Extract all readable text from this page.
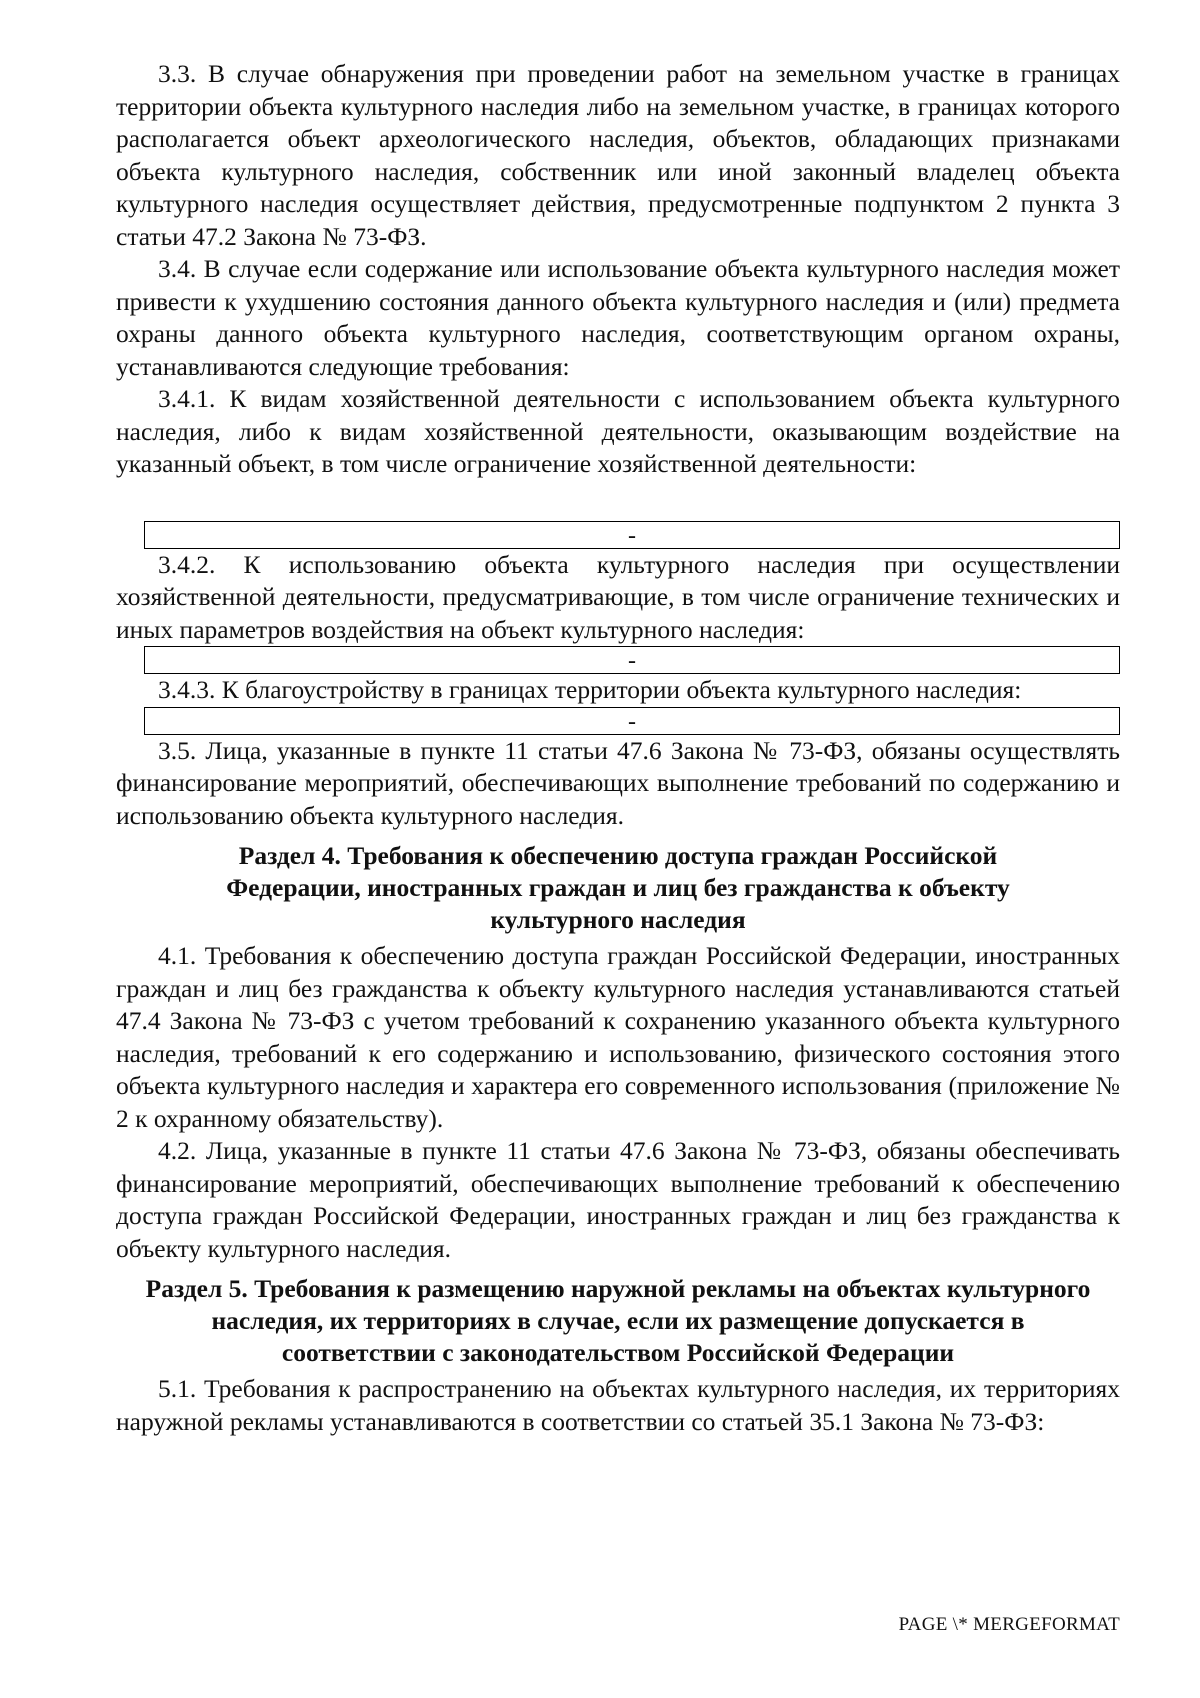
3.3. В случае обнаружения при проведении работ на земельном участке в границах территории объекта культурного наследия либо на земельном участке, в границах которого располагается объект археологического наследия, объектов, обладающих признаками объекта культурного наследия, собственник или иной законный владелец объекта культурного наследия осуществляет действия, предусмотренные подпунктом 2 пункта 3 статьи 47.2 Закона № 73-ФЗ.

3.4. В случае если содержание или использование объекта культурного наследия может привести к ухудшению состояния данного объекта культурного наследия и (или) предмета охраны данного объекта культурного наследия, соответствующим органом охраны, устанавливаются следующие требования:

3.4.1. К видам хозяйственной деятельности с использованием объекта культурного наследия, либо к видам хозяйственной деятельности, оказывающим воздействие на указанный объект, в том числе ограничение хозяйственной деятельности:

-

3.4.2. К использованию объекта культурного наследия при осуществлении хозяйственной деятельности, предусматривающие, в том числе ограничение технических и иных параметров воздействия на объект культурного наследия:

-

3.4.3. К благоустройству в границах территории объекта культурного наследия:

-

3.5. Лица, указанные в пункте 11 статьи 47.6 Закона № 73-ФЗ, обязаны осуществлять финансирование мероприятий, обеспечивающих выполнение требований по содержанию и использованию объекта культурного наследия.

Раздел 4. Требования к обеспечению доступа граждан Российской Федерации, иностранных граждан и лиц без гражданства к объекту культурного наследия

4.1. Требования к обеспечению доступа граждан Российской Федерации, иностранных граждан и лиц без гражданства к объекту культурного наследия устанавливаются статьей 47.4 Закона № 73-ФЗ с учетом требований к сохранению указанного объекта культурного наследия, требований к его содержанию и использованию, физического состояния этого объекта культурного наследия и характера его современного использования (приложение № 2 к охранному обязательству).

4.2. Лица, указанные в пункте 11 статьи 47.6 Закона № 73-ФЗ, обязаны обеспечивать финансирование мероприятий, обеспечивающих выполнение требований к обеспечению доступа граждан Российской Федерации, иностранных граждан и лиц без гражданства к объекту культурного наследия.

Раздел 5. Требования к размещению наружной рекламы на объектах культурного наследия, их территориях в случае, если их размещение допускается в соответствии с законодательством Российской Федерации

5.1. Требования к распространению на объектах культурного наследия, их территориях наружной рекламы устанавливаются в соответствии со статьей 35.1 Закона № 73-ФЗ:

PAGE \* MERGEFORMAT
